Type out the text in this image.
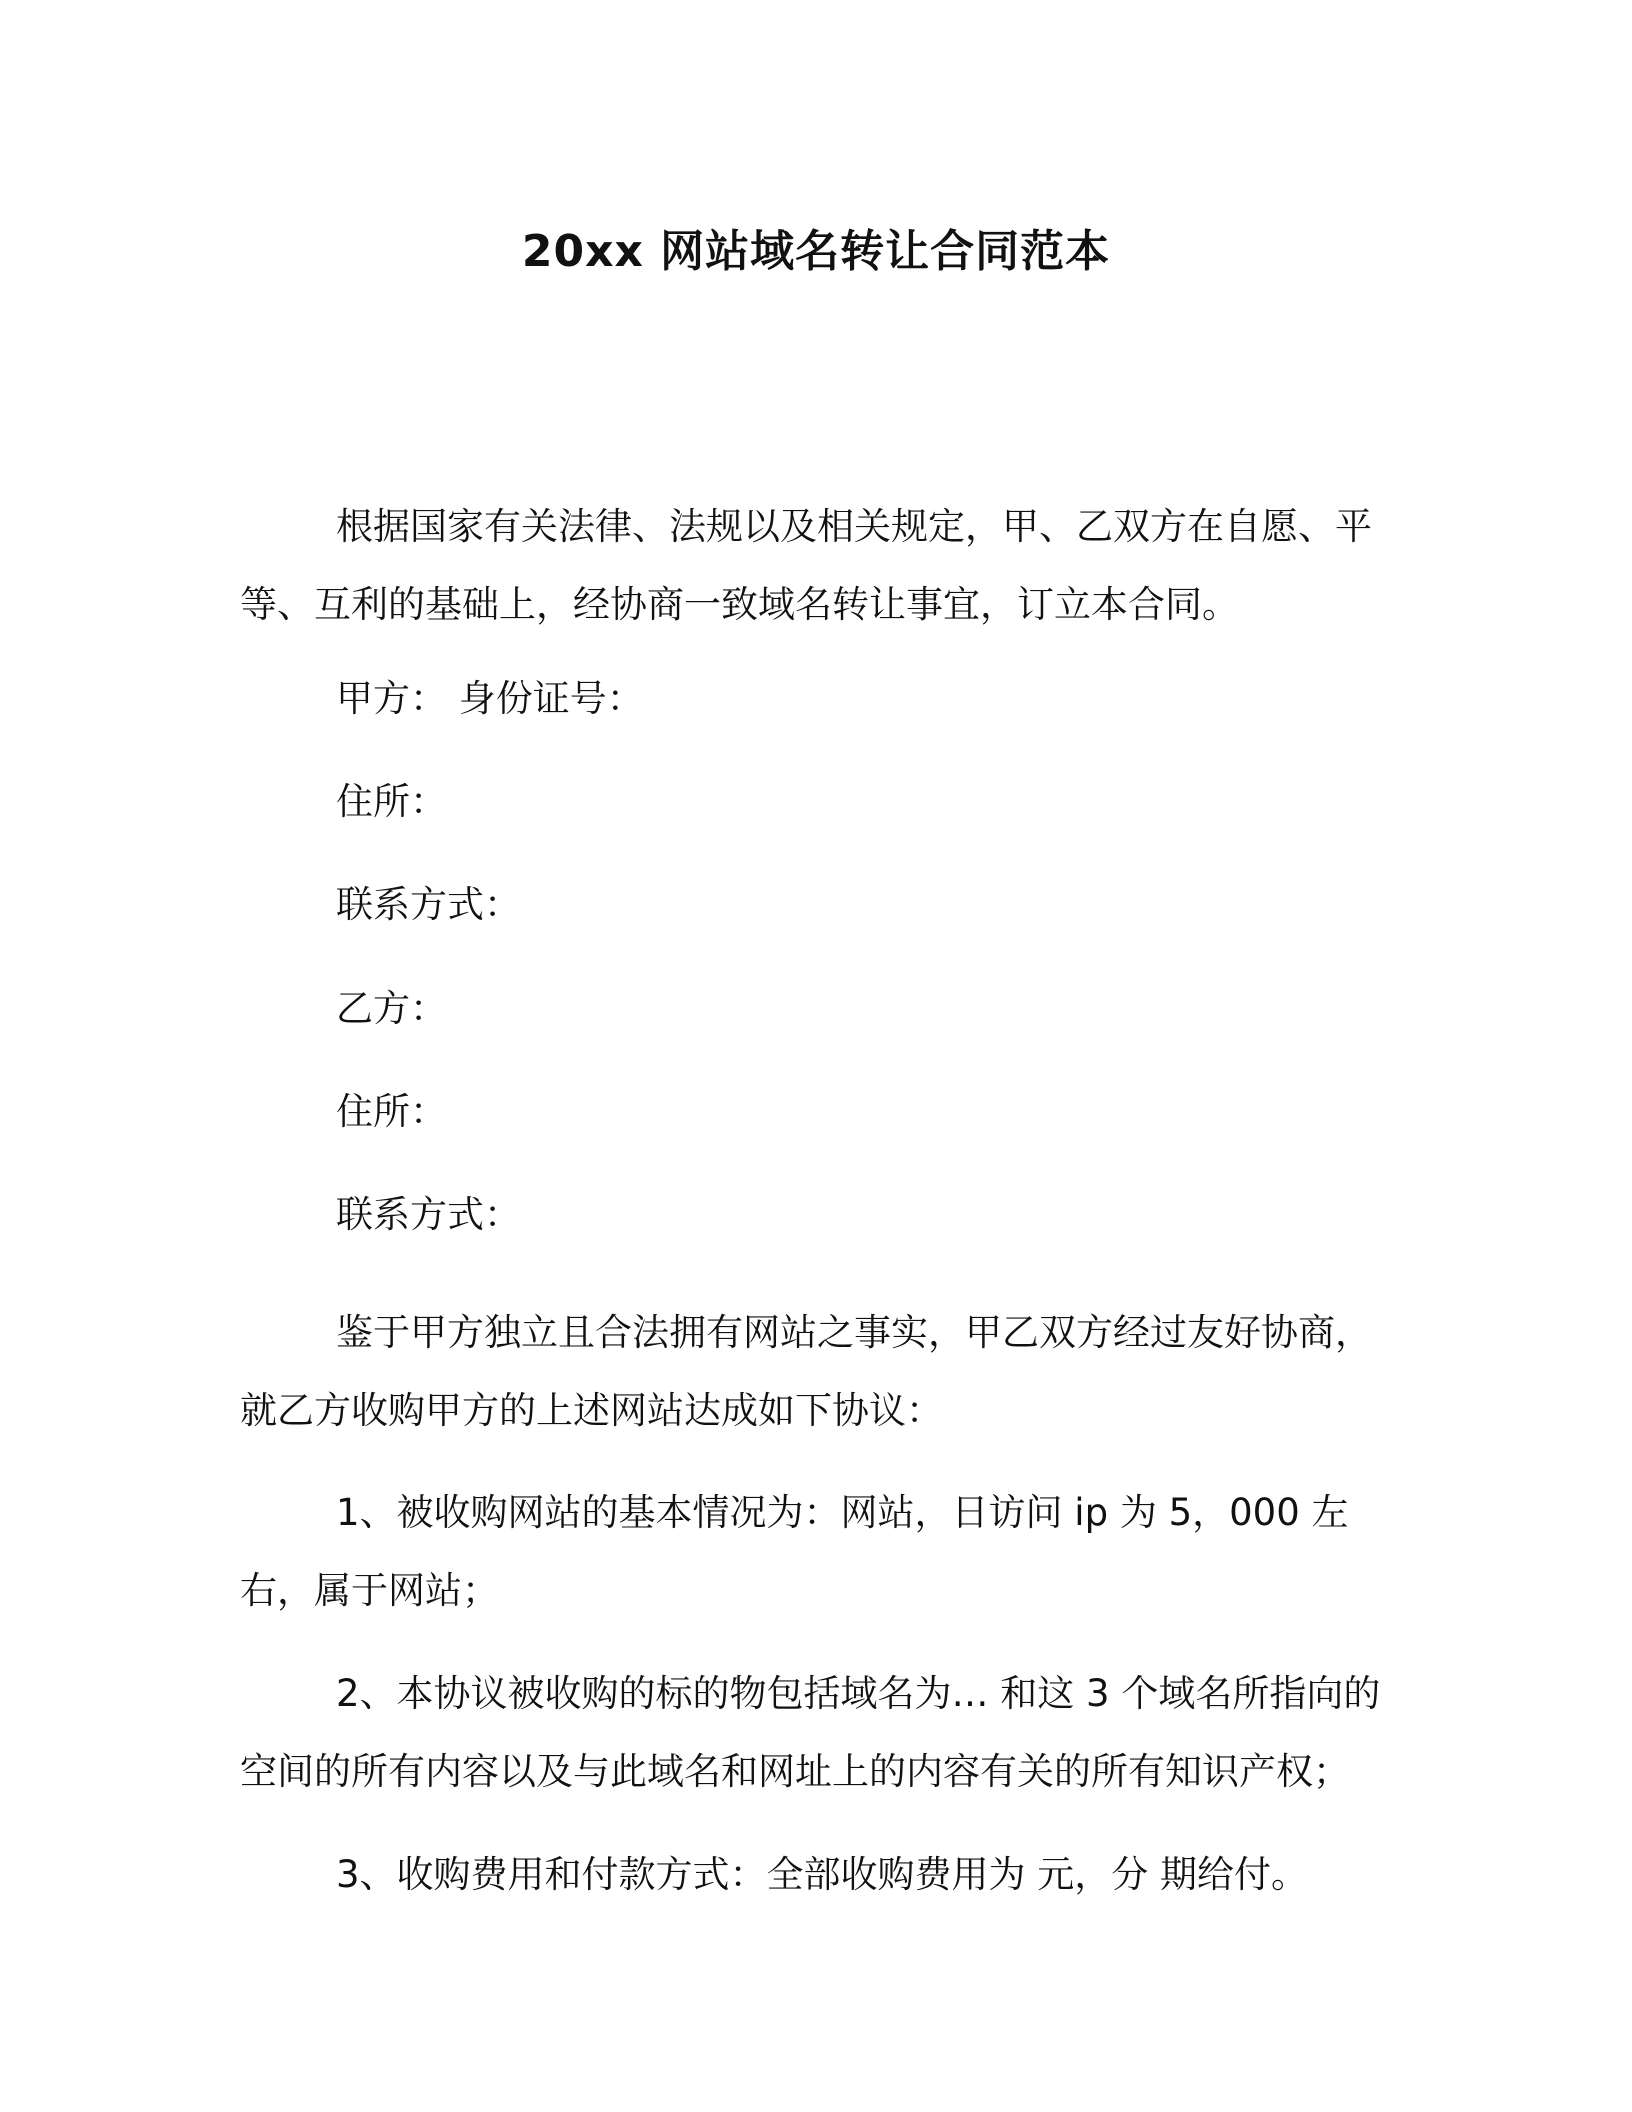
20xx 网站域名转让合同范本
根据国家有关法律、法规以及相关规定，甲、乙双方在自愿、平等、互利的基础上，经协商一致域名转让事宜，订立本合同。
甲方： 身份证号：
住所：
联系方式：
乙方：
住所：
联系方式：
鉴于甲方独立且合法拥有网站之事实，甲乙双方经过友好协商，就乙方收购甲方的上述网站达成如下协议：
1、被收购网站的基本情况为：网站，日访问 ip 为 5，000 左右，属于网站；
2、本协议被收购的标的物包括域名为… 和这 3 个域名所指向的空间的所有内容以及与此域名和网址上的内容有关的所有知识产权；
3、收购费用和付款方式：全部收购费用为 元，分 期给付。
